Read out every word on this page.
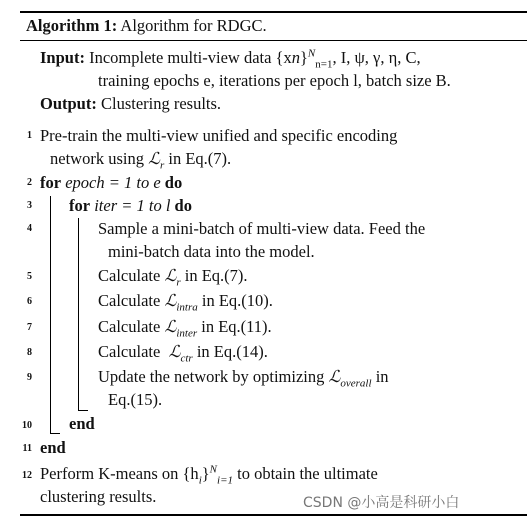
Algorithm 1: Algorithm for RDGC.
Input: Incomplete multi-view data {xn}$^N_{n=1}$, I, ψ, γ, η, C,
training epochs e, iterations per epoch l, batch size B.
Output: Clustering results.
1 Pre-train the multi-view unified and specific encoding
network using ℒ$_r$ in Eq.(7).
2 for epoch = 1 to e do
3 for iter = 1 to l do
4	Sample a mini-batch of multi-view data. Feed the
mini-batch data into the model.
5	Calculate ℒ$_r$ in Eq.(7).
6	Calculate ℒ$_{intra}$ in Eq.(10).
7	Calculate ℒ$_{inter}$ in Eq.(11).
8	Calculate  ℒ$_{ctr}$ in Eq.(14).
9	Update the network by optimizing ℒ$_{overall}$ in
Eq.(15).
10 end
11 end
12 Perform K-means on $\{h_i\}^N_{i=1}$ to obtain the ultimate
clustering results.	CSDN @小高是科研小白
